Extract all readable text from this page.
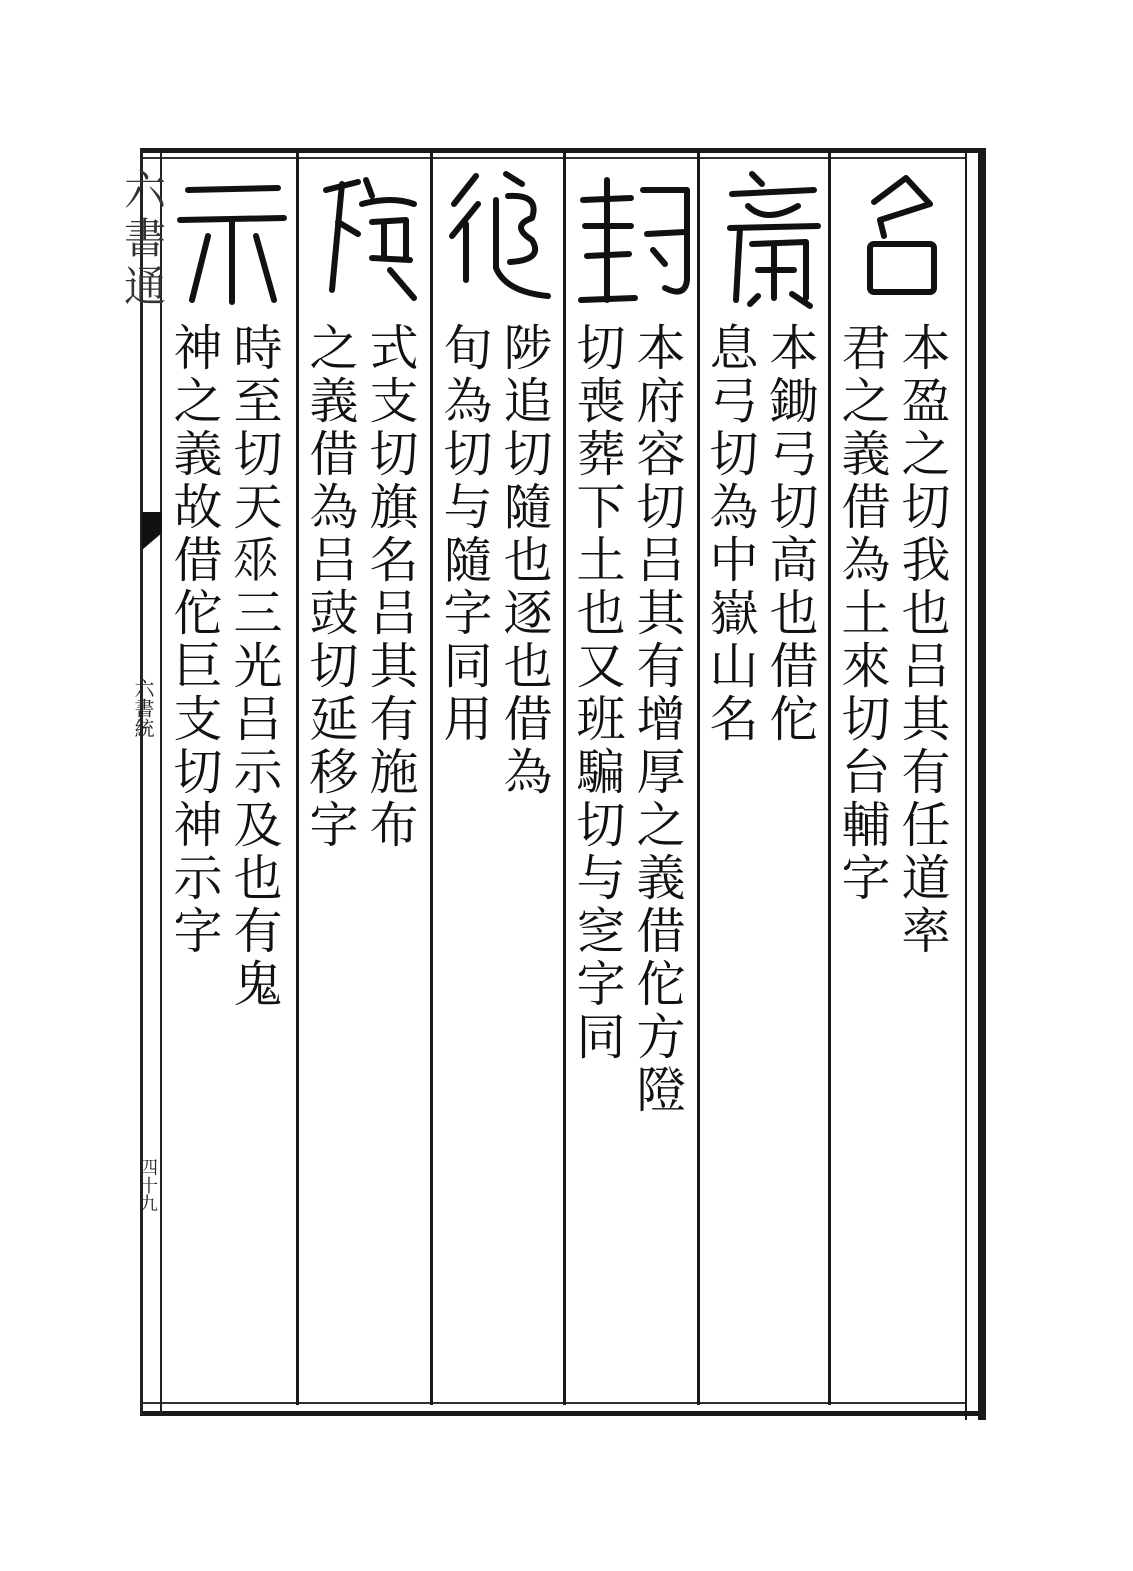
六書通
六書統
四十九
本盈之切我也吕其有任道率
君之義借為土來切台輔字
本鋤弓切高也借佗
息弓切為中嶽山名
本府容切吕其有增厚之義借佗方隥
切喪葬下土也又班騙切与窆字同
陟追切隨也逐也借為
旬為切与隨字同用
式支切旗名吕其有施布
之義借為吕豉切延移字
時至切天𠂹三光吕示及也有鬼
神之義故借佗巨支切神示字
